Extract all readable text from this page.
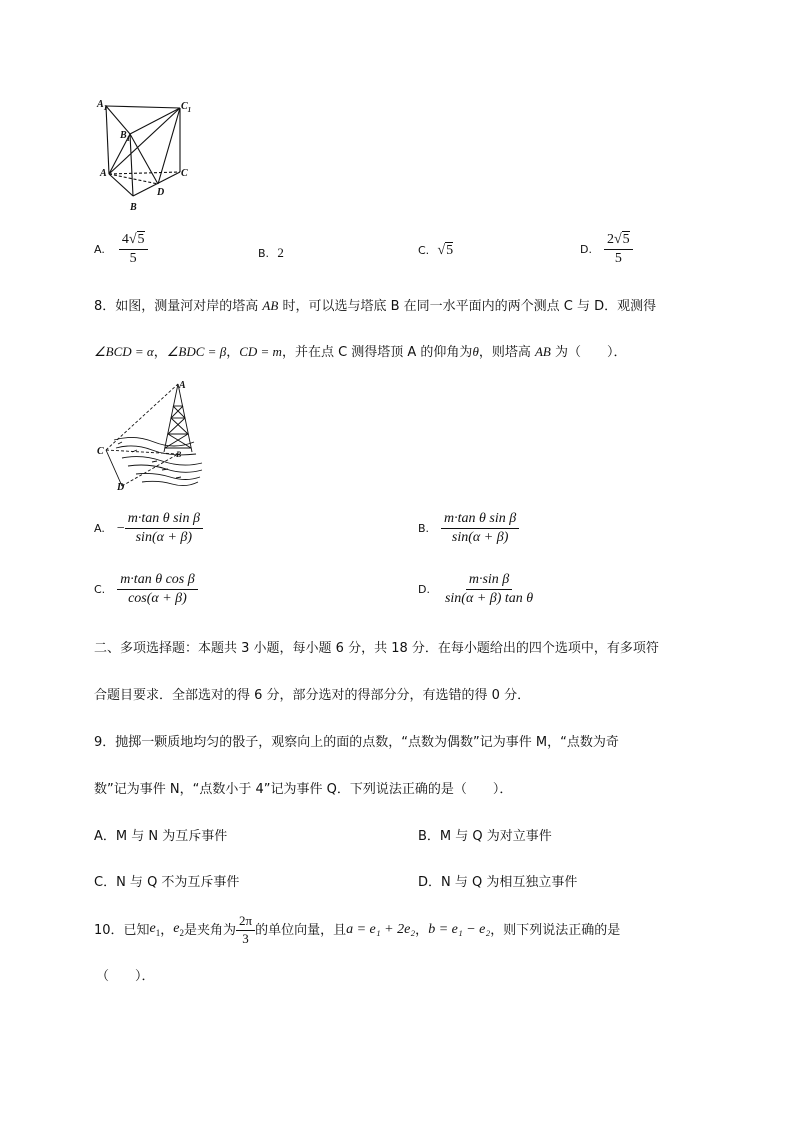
$A_1$	$C_1$
$B_1$
A	C
D
B
A. $\frac{4√5}{5}$	B. 2	C. √5	D. $\frac{2√5}{5}$
8．如图，测量河对岸的塔高 AB 时，可以选与塔底 B 在同一水平面内的两个测点 C 与 D．观测得
∠BCD = α，∠BDC = β，CD = m，并在点 C 测得塔顶 A 的仰角为θ，则塔高 AB 为（　　）．
A
B
C
D
A. − $\frac{\text{m·tan θ sin β}}{\sin(\alpha + \beta)}$	B. $\frac{\text{m·tan θ sin β}}{\sin(\alpha + \beta)}$
C. $\frac{\text{m·tan θ cos β}}{\cos(\alpha + \beta)}$	D. $\frac{\text{m·sin β}}{\text{sin(α + β) tan θ}}$
二、多项选择题：本题共 3 小题，每小题 6 分，共 18 分．在每小题给出的四个选项中，有多项符
合题目要求．全部选对的得 6 分，部分选对的得部分分，有选错的得 0 分．
9．抛掷一颗质地均匀的骰子，观察向上的面的点数，“点数为偶数”记为事件 M，“点数为奇
数”记为事件 N，“点数小于 4”记为事件 Q．下列说法正确的是（　　）．
A．M 与 N 为互斥事件	B．M 与 Q 为对立事件
C．N 与 Q 不为互斥事件	D．N 与 Q 为相互独立事件
10．已知 $e_1$ ， $e_2$ 是夹角为 $\frac{2\pi}{3}$ 的单位向量，且 a = e₁ + 2e₂ ， b = e₁ − e₂ ，则下列说法正确的是
（　　）．
